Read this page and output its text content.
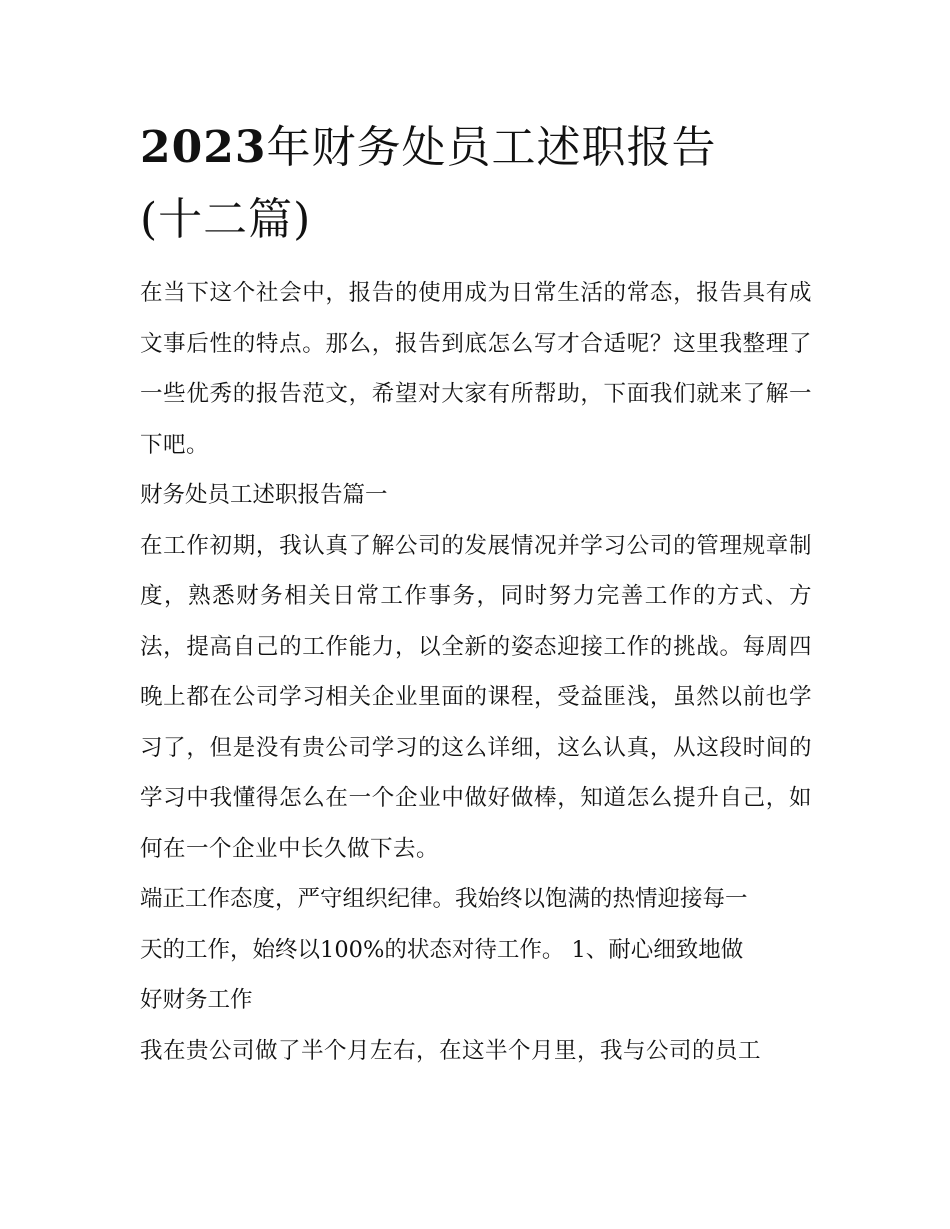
2023年财务处员工述职报告
(十二篇)

在当下这个社会中，报告的使用成为日常生活的常态，报告具有成文事后性的特点。那么，报告到底怎么写才合适呢？这里我整理了一些优秀的报告范文，希望对大家有所帮助，下面我们就来了解一下吧。

财务处员工述职报告篇一

在工作初期，我认真了解公司的发展情况并学习公司的管理规章制度，熟悉财务相关日常工作事务，同时努力完善工作的方式、方法，提高自己的工作能力，以全新的姿态迎接工作的挑战。每周四晚上都在公司学习相关企业里面的课程，受益匪浅，虽然以前也学习了，但是没有贵公司学习的这么详细，这么认真，从这段时间的学习中我懂得怎么在一个企业中做好做棒，知道怎么提升自己，如何在一个企业中长久做下去。

端正工作态度，严守组织纪律。我始终以饱满的热情迎接每一

天的工作，始终以100%的状态对待工作。 1、耐心细致地做

好财务工作

我在贵公司做了半个月左右，在这半个月里，我与公司的员工
